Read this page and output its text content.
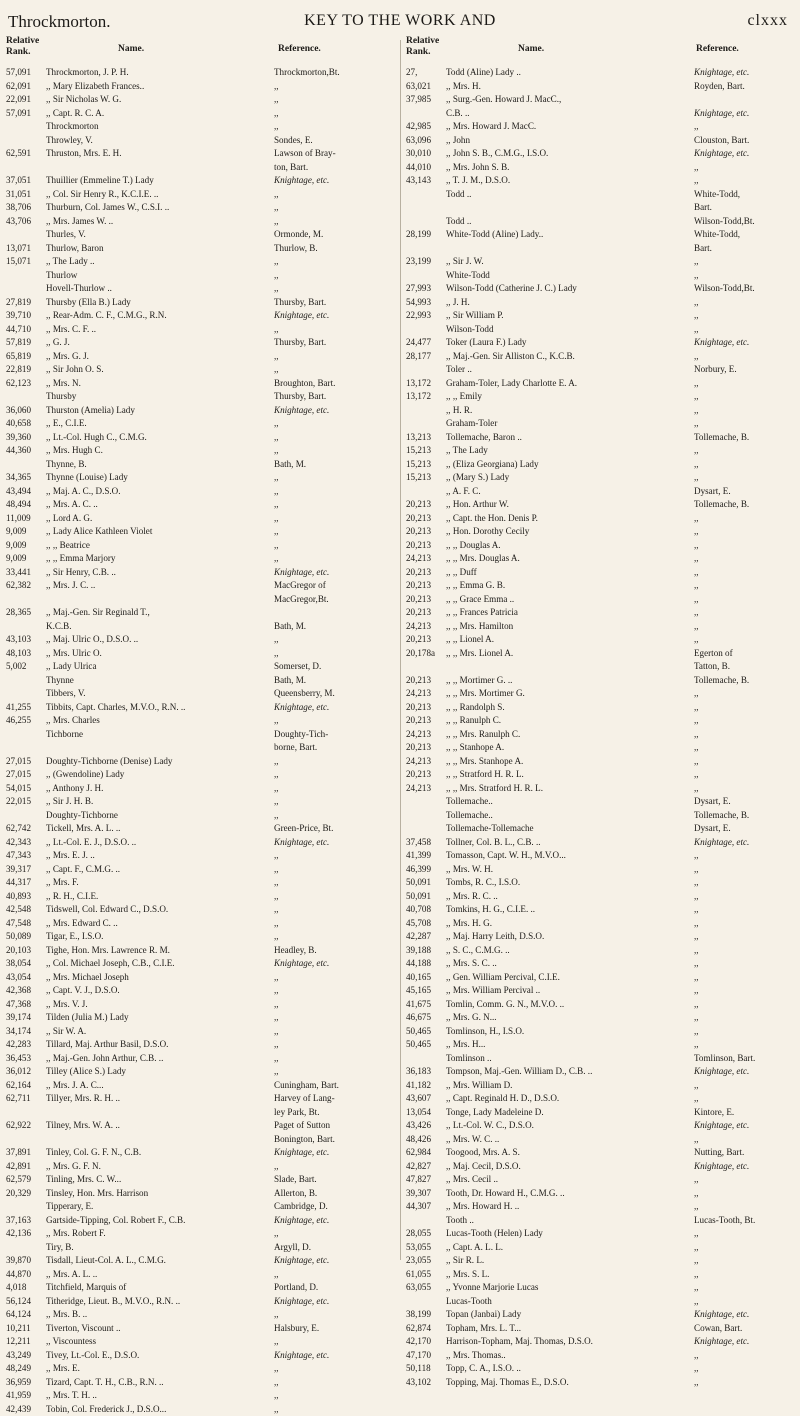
Throckmorton.	KEY TO THE WORK AND	clxxx
Relative Rank.	Name.	Reference.
57,091	Throckmorton, J. P. H.	Throckmorton,Bt.
62,091	,, Mary Elizabeth Frances..	,,
22,091	,, Sir Nicholas W. G.	,,
57,091	,, Capt. R. C. A.	,,
Throckmorton	,,
Throwley, V.	Sondes, E.
62,591	Thruston, Mrs. E. H.	Lawson of Bray-
ton, Bart.
37,051	Thuillier (Emmeline T.) Lady	Knightage, etc.
31,051	,, Col. Sir Henry R., K.C.I.E. ..	,,
38,706	Thurburn, Col. James W., C.S.I. ..	,,
43,706	,, Mrs. James W. ..	,,
Thurles, V.	Ormonde, M.
13,071	Thurlow, Baron	Thurlow, B.
15,071	,, The Lady ..	,,
Thurlow	,,
Hovell-Thurlow ..	,,
27,819	Thursby (Ella B.) Lady	Thursby, Bart.
39,710	,, Rear-Adm. C. F., C.M.G., R.N.	Knightage, etc.
44,710	,, Mrs. C. F. ..	,,
57,819	,, G. J.	Thursby, Bart.
65,819	,, Mrs. G. J.	,,
22,819	,, Sir John O. S.	,,
62,123	,, Mrs. N.	Broughton, Bart.
Thursby	Thursby, Bart.
36,060	Thurston (Amelia) Lady	Knightage, etc.
40,658	,, E., C.I.E.	,,
39,360	,, Lt.-Col. Hugh C., C.M.G.	,,
44,360	,, Mrs. Hugh C.	,,
Thynne, B.	Bath, M.
34,365	Thynne (Louise) Lady	,,
43,494	,, Maj. A. C., D.S.O.	,,
48,494	,, Mrs. A. C. ..	,,
11,009	,, Lord A. G.	,,
9,009	,, Lady Alice Kathleen Violet	,,
9,009	,, ,, Beatrice	,,
9,009	,, ,, Emma Marjory	,,
33,441	,, Sir Henry, C.B. ..	Knightage, etc.
62,382	,, Mrs. J. C. ..	MacGregor of
MacGregor,Bt.
28,365	,, Maj.-Gen. Sir Reginald T.,
K.C.B.	Bath, M.
43,103	,, Maj. Ulric O., D.S.O. ..	,,
48,103	,, Mrs. Ulric O.	,,
5,002	,, Lady Ulrica	Somerset, D.
Thynne	Bath, M.
Tibbers, V.	Queensberry, M.
41,255	Tibbits, Capt. Charles, M.V.O., R.N. ..	Knightage, etc.
46,255	,, Mrs. Charles	,,
Tichborne	Doughty-Tich-
borne, Bart.
27,015	Doughty-Tichborne (Denise) Lady	,,
27,015	,, (Gwendoline) Lady	,,
54,015	,, Anthony J. H.	,,
22,015	,, Sir J. H. B.	,,
Doughty-Tichborne	,,
62,742	Tickell, Mrs. A. L. ..	Green-Price, Bt.
42,343	,, Lt.-Col. E. J., D.S.O. ..	Knightage, etc.
47,343	,, Mrs. E. J. ..	,,
39,317	,, Capt. F., C.M.G. ..	,,
44,317	,, Mrs. F.	,,
40,893	,, R. H., C.I.E.	,,
42,548	Tidswell, Col. Edward C., D.S.O.	,,
47,548	,, Mrs. Edward C. ..	,,
50,089	Tigar, E., I.S.O.	,,
20,103	Tighe, Hon. Mrs. Lawrence R. M.	Headley, B.
38,054	,, Col. Michael Joseph, C.B., C.I.E.	Knightage, etc.
43,054	,, Mrs. Michael Joseph	,,
42,368	,, Capt. V. J., D.S.O.	,,
47,368	,, Mrs. V. J.	,,
39,174	Tilden (Julia M.) Lady	,,
34,174	,, Sir W. A.	,,
42,283	Tillard, Maj. Arthur Basil, D.S.O.	,,
36,453	,, Maj.-Gen. John Arthur, C.B. ..	,,
36,012	Tilley (Alice S.) Lady	,,
62,164	,, Mrs. J. A. C...	Cuningham, Bart.
62,711	Tillyer, Mrs. R. H. ..	Harvey of Lang-
ley Park, Bt.
62,922	Tilney, Mrs. W. A. ..	Paget of Sutton
Bonington, Bart.
37,891	Tinley, Col. G. F. N., C.B.	Knightage, etc.
42,891	,, Mrs. G. F. N.	,,
62,579	Tinling, Mrs. C. W...	Slade, Bart.
20,329	Tinsley, Hon. Mrs. Harrison	Allerton, B.
Tipperary, E.	Cambridge, D.
37,163	Gartside-Tipping, Col. Robert F., C.B.	Knightage, etc.
42,136	,, Mrs. Robert F.	,,
Tiry, B.	Argyll, D.
39,870	Tisdall, Lieut-Col. A. L., C.M.G.	Knightage, etc.
44,870	,, Mrs. A. L. ..	,,
4,018	Titchfield, Marquis of	Portland, D.
56,124	Titheridge, Lieut. B., M.V.O., R.N. ..	Knightage, etc.
64,124	,, Mrs. B. ..	,,
10,211	Tiverton, Viscount ..	Halsbury, E.
12,211	,, Viscountess	,,
43,249	Tivey, Lt.-Col. E., D.S.O.	Knightage, etc.
48,249	,, Mrs. E.	,,
36,959	Tizard, Capt. T. H., C.B., R.N. ..	,,
41,959	,, Mrs. T. H. ..	,,
42,439	Tobin, Col. Frederick J., D.S.O...	,,
Relative Rank.	Name.	Reference.
27,	Todd (Aline) Lady ..	Knightage, etc.
63,021	,, Mrs. H.	Royden, Bart.
37,985	,, Surg.-Gen. Howard J. MacC.,
C.B. ..	Knightage, etc.
42,985	,, Mrs. Howard J. MacC.	,,
63,096	,, John	Clouston, Bart.
30,010	,, John S. B., C.M.G., I.S.O.	Knightage, etc.
44,010	,, Mrs. John S. B.	,,
43,143	,, T. J. M., D.S.O.	,,
Todd ..	White-Todd,
Bart.
Todd ..	Wilson-Todd,Bt.
28,199	White-Todd (Aline) Lady..	White-Todd,
Bart.
23,199	,, Sir J. W.	,,
White-Todd	,,
27,993	Wilson-Todd (Catherine J. C.) Lady	Wilson-Todd,Bt.
54,993	,, J. H.	,,
22,993	,, Sir William P.	,,
Wilson-Todd	,,
24,477	Toker (Laura F.) Lady	Knightage, etc.
28,177	,, Maj.-Gen. Sir Alliston C., K.C.B.	,,
Toler ..	Norbury, E.
13,172	Graham-Toler, Lady Charlotte E. A.	,,
13,172	,, ,, Emily	,,
,, H. R.	,,
Graham-Toler	,,
13,213	Tollemache, Baron ..	Tollemache, B.
15,213	,, The Lady	,,
15,213	,, (Eliza Georgiana) Lady	,,
15,213	,, (Mary S.) Lady	,,
,, A. F. C.	Dysart, E.
20,213	,, Hon. Arthur W.	Tollemache, B.
20,213	,, Capt. the Hon. Denis P.	,,
20,213	,, Hon. Dorothy Cecily	,,
20,213	,, ,, Douglas A.	,,
24,213	,, ,, Mrs. Douglas A.	,,
20,213	,, ,, Duff	,,
20,213	,, ,, Emma G. B.	,,
20,213	,, ,, Grace Emma ..	,,
20,213	,, ,, Frances Patricia	,,
24,213	,, ,, Mrs. Hamilton	,,
20,213	,, ,, Lionel A.	,,
20,178a	,, ,, Mrs. Lionel A.	Egerton of
Tatton, B.
20,213	,, ,, Mortimer G. ..	Tollemache, B.
24,213	,, ,, Mrs. Mortimer G.	,,
20,213	,, ,, Randolph S.	,,
20,213	,, ,, Ranulph C.	,,
24,213	,, ,, Mrs. Ranulph C.	,,
20,213	,, ,, Stanhope A.	,,
24,213	,, ,, Mrs. Stanhope A.	,,
20,213	,, ,, Stratford H. R. L.	,,
24,213	,, ,, Mrs. Stratford H. R. L.	,,
Tollemache..	Dysart, E.
Tollemache..	Tollemache, B.
Tollemache-Tollemache	Dysart, E.
37,458	Tollner, Col. B. L., C.B. ..	Knightage, etc.
41,399	Tomasson, Capt. W. H., M.V.O...	,,
46,399	,, Mrs. W. H.	,,
50,091	Tombs, R. C., I.S.O.	,,
50,091	,, Mrs. R. C. ..	,,
40,708	Tomkins, H. G., C.I.E. ..	,,
45,708	,, Mrs. H. G.	,,
42,287	,, Maj. Harry Leith, D.S.O.	,,
39,188	,, S. C., C.M.G. ..	,,
44,188	,, Mrs. S. C. ..	,,
40,165	,, Gen. William Percival, C.I.E.	,,
45,165	,, Mrs. William Percival ..	,,
41,675	Tomlin, Comm. G. N., M.V.O. ..	,,
46,675	,, Mrs. G. N...	,,
50,465	Tomlinson, H., I.S.O.	,,
50,465	,, Mrs. H...	,,
Tomlinson ..	Tomlinson, Bart.
36,183	Tompson, Maj.-Gen. William D., C.B. ..	Knightage, etc.
41,182	,, Mrs. William D.	,,
43,607	,, Capt. Reginald H. D., D.S.O.	,,
13,054	Tonge, Lady Madeleine D.	Kintore, E.
43,426	,, Lt.-Col. W. C., D.S.O.	Knightage, etc.
48,426	,, Mrs. W. C. ..	,,
62,984	Toogood, Mrs. A. S.	Nutting, Bart.
42,827	,, Maj. Cecil, D.S.O.	Knightage, etc.
47,827	,, Mrs. Cecil ..	,,
39,307	Tooth, Dr. Howard H., C.M.G. ..	,,
44,307	,, Mrs. Howard H. ..	,,
Tooth ..	Lucas-Tooth, Bt.
28,055	Lucas-Tooth (Helen) Lady	,,
53,055	,, Capt. A. L. L.	,,
23,055	,, Sir R. L.	,,
61,055	,, Mrs. S. L.	,,
63,055	,, Yvonne Marjorie Lucas	,,
Lucas-Tooth	,,
38,199	Topan (Janbai) Lady	Knightage, etc.
62,874	Topham, Mrs. L. T...	Cowan, Bart.
42,170	Harrison-Topham, Maj. Thomas, D.S.O.	Knightage, etc.
47,170	,, Mrs. Thomas..	,,
50,118	Topp, C. A., I.S.O. ..	,,
43,102	Topping, Maj. Thomas E., D.S.O.	,,
